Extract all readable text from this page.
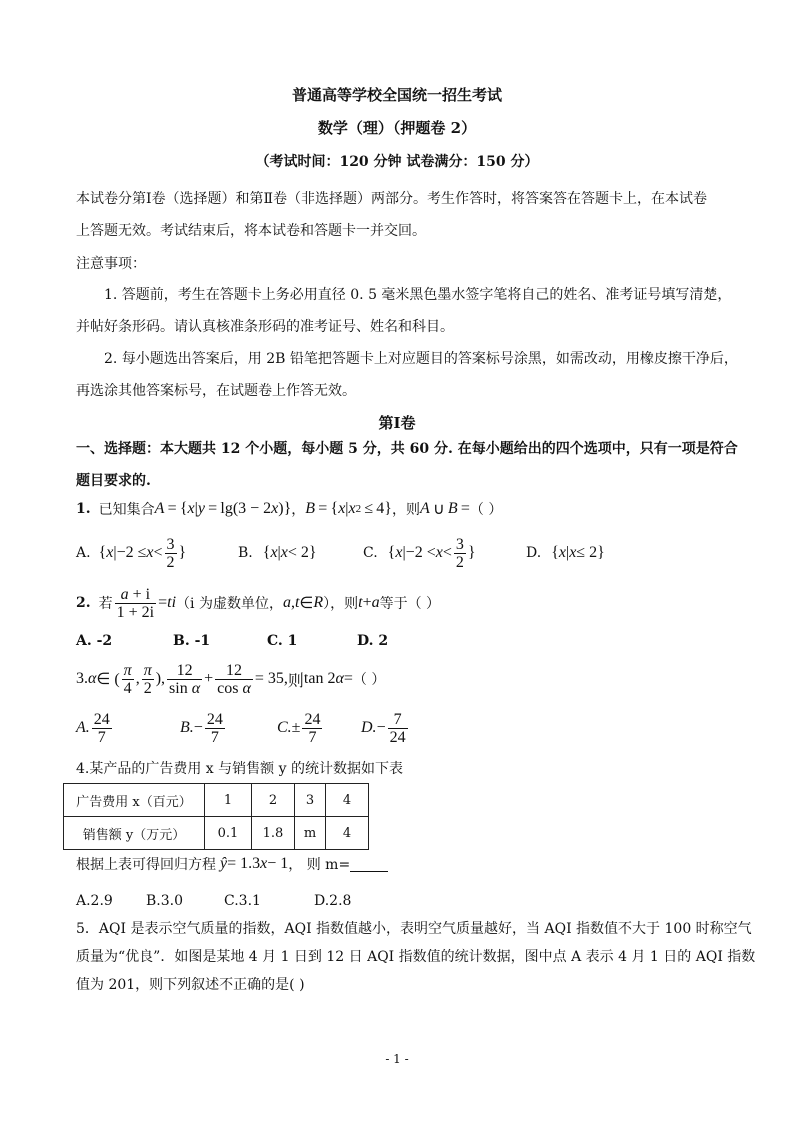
普通高等学校全国统一招生考试
数学（理）（押题卷 2）
（考试时间：120 分钟 试卷满分：150 分）
本试卷分第Ⅰ卷（选择题）和第Ⅱ卷（非选择题）两部分。考生作答时，将答案答在答题卡上，在本试卷
上答题无效。考试结束后，将本试卷和答题卡一并交回。
注意事项：
1. 答题前，考生在答题卡上务必用直径 0. 5 毫米黑色墨水签字笔将自己的姓名、准考证号填写清楚，
并帖好条形码。请认真核准条形码的准考证号、姓名和科目。
2. 每小题选出答案后，用 2B 铅笔把答题卡上对应题目的答案标号涂黑，如需改动，用橡皮擦干净后，
再选涂其他答案标号，在试题卷上作答无效。
第Ⅰ卷
一、选择题：本大题共 12 个小题，每小题 5 分，共 60 分. 在每小题给出的四个选项中，只有一项是符合
题目要求的.
1. 已知集合 A  = { x | y  = lg(3 − 2 x )} ， B  = { x | x 2  ≤ 4} ，则 A  ∪  B  = （ ）
A. { x $|-2 \le x < \frac{3}{2}$ }	B. { x | x < 2}	C. { x $|-2 < x < \frac{3}{2}$ }	D. { x | x ≤ 2}
2. 若 $\frac{a + i}{1 + 2i}$ = ti （i 为虚数单位， a , t ∈ R ），则 t + a 等于（ ）
A. -2	B. -1	C. 1	D. 2
3. α ∈ ( $\frac{\pi}{4}$ , $\frac{\pi}{2}$ ), $\frac{12}{\text{sin α}} + \frac{12}{\text{cos α}} = 35$, 则 tan 2 α = （ ）
A. $\frac{24}{7}$	B. − $\frac{24}{7}$	C. ± $\frac{24}{7} D$. − $\frac{7}{24}$
4.某产品的广告费用 x 与销售额 y 的统计数据如下表
广告费用 x（百元）	1	2	3	4
销售额 y（万元）	0.1	1.8	m	4
根据上表可得回归方程 ŷ = 1.3 x − 1 ， 则 m=
A.2.9 B.3.0	C.3.1	D.2.8
5．AQI 是表示空气质量的指数，AQI 指数值越小，表明空气质量越好，当 AQI 指数值不大于 100 时称空气
质量为“优良”．如图是某地 4 月 1 日到 12 日 AQI 指数值的统计数据，图中点 A 表示 4 月 1 日的 AQI 指数
值为 201，则下列叙述不正确的是( )
- 1 -
